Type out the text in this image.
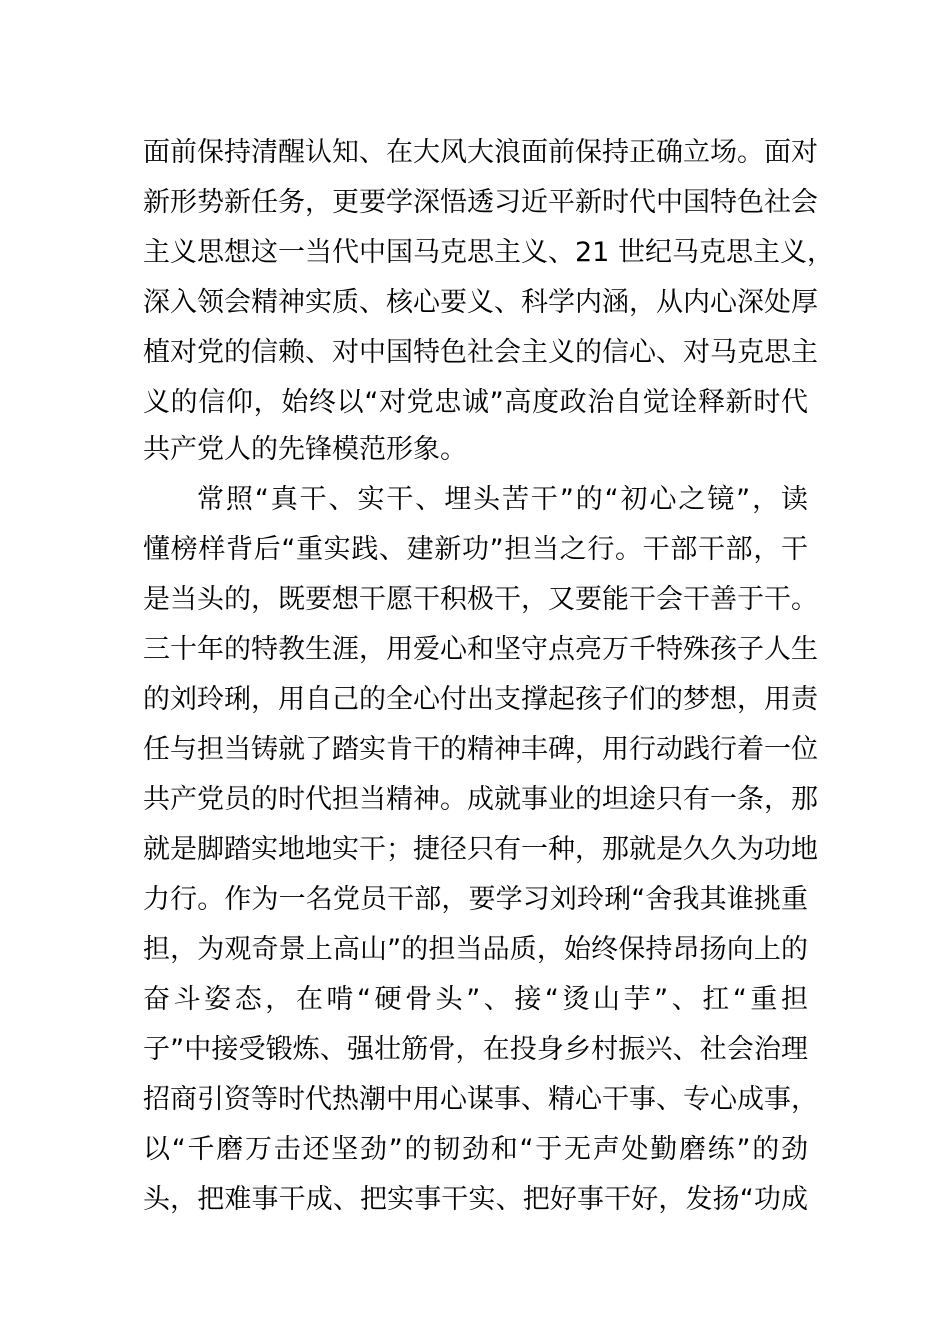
面前保持清醒认知、在大风大浪面前保持正确立场。面对
新形势新任务，更要学深悟透习近平新时代中国特色社会
主义思想这一当代中国马克思主义、21 世纪马克思主义，
深入领会精神实质、核心要义、科学内涵，从内心深处厚
植对党的信赖、对中国特色社会主义的信心、对马克思主
义的信仰，始终以“对党忠诚”高度政治自觉诠释新时代
共产党人的先锋模范形象。
常照“真干、实干、埋头苦干”的“初心之镜”，读
懂榜样背后“重实践、建新功”担当之行。干部干部，干
是当头的，既要想干愿干积极干，又要能干会干善于干。
三十年的特教生涯，用爱心和坚守点亮万千特殊孩子人生
的刘玲琍，用自己的全心付出支撑起孩子们的梦想，用责
任与担当铸就了踏实肯干的精神丰碑，用行动践行着一位
共产党员的时代担当精神。成就事业的坦途只有一条，那
就是脚踏实地地实干；捷径只有一种，那就是久久为功地
力行。作为一名党员干部，要学习刘玲琍“舍我其谁挑重
担，为观奇景上高山”的担当品质，始终保持昂扬向上的
奋斗姿态，在啃“硬骨头”、接“烫山芋”、扛“重担
子”中接受锻炼、强壮筋骨，在投身乡村振兴、社会治理
招商引资等时代热潮中用心谋事、精心干事、专心成事，
以“千磨万击还坚劲”的韧劲和“于无声处勤磨练”的劲
头，把难事干成、把实事干实、把好事干好，发扬“功成
